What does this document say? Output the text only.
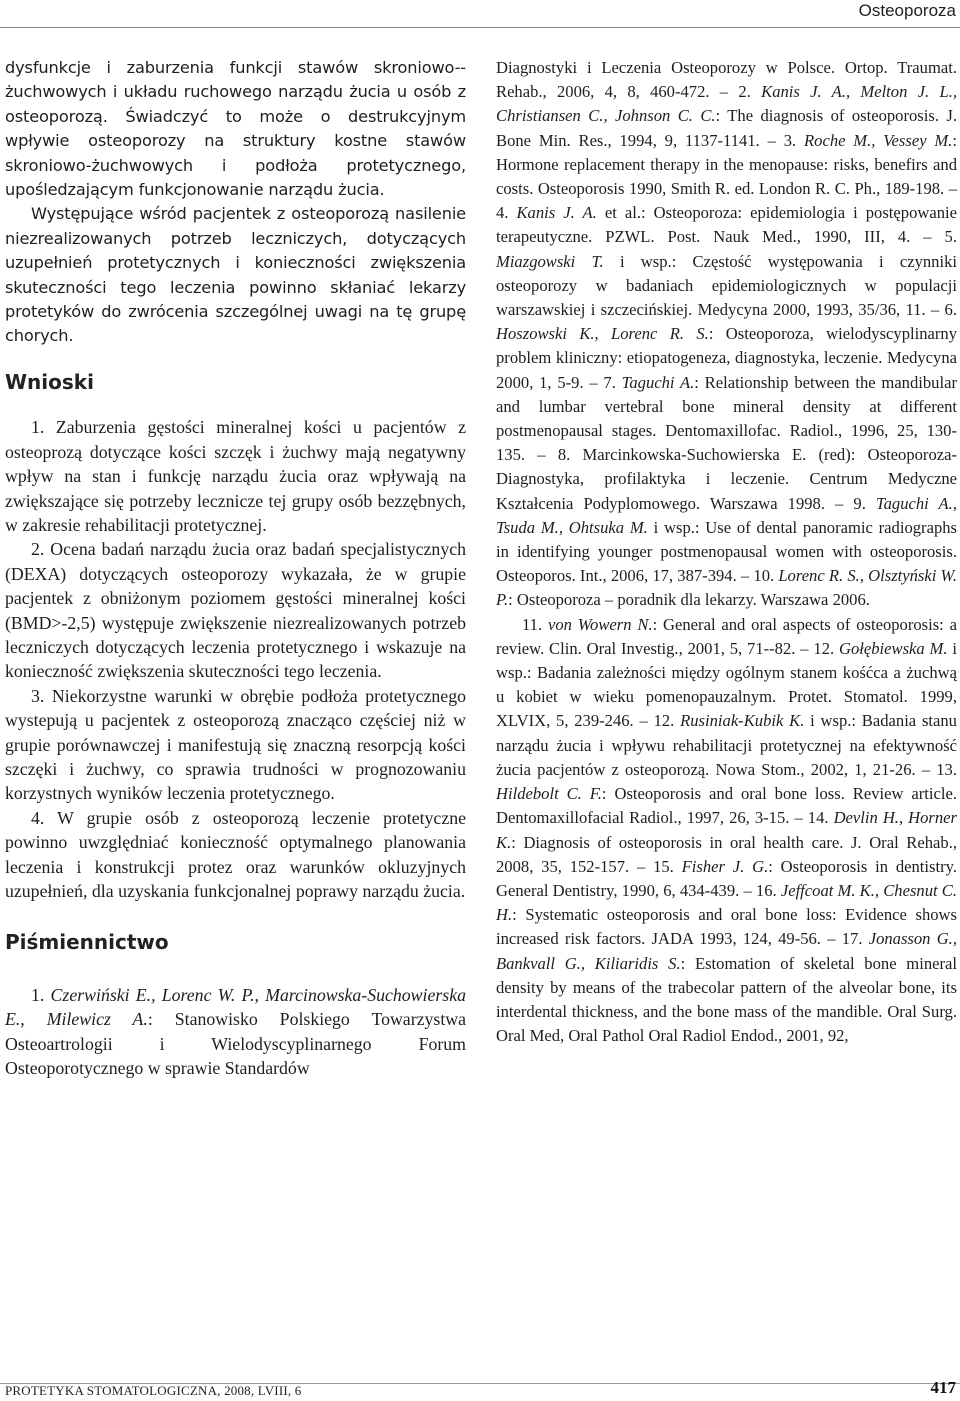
Osteoporoza

dysfunkcje i zaburzenia funkcji stawów skroniowo--żuchwowych i układu ruchowego narządu żucia u osób z osteoporozą. Świadczyć to może o destrukcyjnym wpływie osteoporozy na struktury kostne stawów skroniowo-żuchwowych i podłoża protetycznego, upośledzającym funkcjonowanie narządu żucia.

Występujące wśród pacjentek z osteoporozą nasilenie niezrealizowanych potrzeb leczniczych, dotyczących uzupełnień protetycznych i konieczności zwiększenia skuteczności tego leczenia powinno skłaniać lekarzy protetyków do zwrócenia szczególnej uwagi na tę grupę chorych.

Wnioski

1. Zaburzenia gęstości mineralnej kości u pacjentów z osteoprozą dotyczące kości szczęk i żuchwy mają negatywny wpływ na stan i funkcję narządu żucia oraz wpływają na zwiększające się potrzeby lecznicze tej grupy osób bezzębnych, w zakresie rehabilitacji protetycznej.

2. Ocena badań narządu żucia oraz badań specjalistycznych (DEXA) dotyczących osteoporozy wykazała, że w grupie pacjentek z obniżonym poziomem gęstości mineralnej kości (BMD>-2,5) występuje zwiększenie niezrealizowanych potrzeb leczniczych dotyczących leczenia protetycznego i wskazuje na konieczność zwiększenia skuteczności tego leczenia.

3. Niekorzystne warunki w obrębie podłoża protetycznego wystepują u pacjentek z osteoporozą znacząco częściej niż w grupie porównawczej i manifestują się znaczną resorpcją kości szczęki i żuchwy, co sprawia trudności w prognozowaniu korzystnych wyników leczenia protetycznego.

4. W grupie osób z osteoporozą leczenie protetyczne powinno uwzględniać konieczność optymalnego planowania leczenia i konstrukcji protez oraz warunków okluzyjnych uzupełnień, dla uzyskania funkcjonalnej poprawy narządu żucia.

Piśmiennictwo

1. Czerwiński E., Lorenc W. P., Marcinowska-Suchowierska E., Milewicz A.: Stanowisko Polskiego Towarzystwa Osteoartrologii i Wielodyscyplinarnego Forum Osteoporotycznego w sprawie Standardów

Diagnostyki i Leczenia Osteoporozy w Polsce. Ortop. Traumat. Rehab., 2006, 4, 8, 460-472. – 2. Kanis J. A., Melton J. L., Christiansen C., Johnson C. C.: The diagnosis of osteoporosis. J. Bone Min. Res., 1994, 9, 1137-1141. – 3. Roche M., Vessey M.: Hormone replacement therapy in the menopause: risks, benefirs and costs. Osteoporosis 1990, Smith R. ed. London R. C. Ph., 189-198. – 4. Kanis J. A. et al.: Osteoporoza: epidemiologia i postępowanie terapeutyczne. PZWL. Post. Nauk Med., 1990, III, 4. – 5. Miazgowski T. i wsp.: Częstość występowania i czynniki osteoporozy w badaniach epidemiologicznych w populacji warszawskiej i szczecińskiej. Medycyna 2000, 1993, 35/36, 11. – 6. Hoszowski K., Lorenc R. S.: Osteoporoza, wielodyscyplinarny problem kliniczny: etiopatogeneza, diagnostyka, leczenie. Medycyna 2000, 1, 5-9. – 7. Taguchi A.: Relationship between the mandibular and lumbar vertebral bone mineral density at different postmenopausal stages. Dentomaxillofac. Radiol., 1996, 25, 130-135. – 8. Marcinkowska-Suchowierska E. (red): Osteoporoza-Diagnostyka, profilaktyka i leczenie. Centrum Medyczne Kształcenia Podyplomowego. Warszawa 1998. – 9. Taguchi A., Tsuda M., Ohtsuka M. i wsp.: Use of dental panoramic radiographs in identifying younger postmenopausal women with osteoporosis. Osteoporos. Int., 2006, 17, 387-394. – 10. Lorenc R. S., Olsztyński W. P.: Osteoporoza – poradnik dla lekarzy. Warszawa 2006.

11. von Wowern N.: General and oral aspects of osteoporosis: a review. Clin. Oral Investig., 2001, 5, 71--82. – 12. Gołębiewska M. i wsp.: Badania zależności między ogólnym stanem kośćca a żuchwą u kobiet w wieku pomenopauzalnym. Protet. Stomatol. 1999, XLVIX, 5, 239-246. – 12. Rusiniak-Kubik K. i wsp.: Badania stanu narządu żucia i wpływu rehabilitacji protetycznej na efektywność żucia pacjentów z osteoporozą. Nowa Stom., 2002, 1, 21-26. – 13. Hildebolt C. F.: Osteoporosis and oral bone loss. Review article. Dentomaxillofacial Radiol., 1997, 26, 3-15. – 14. Devlin H., Horner K.: Diagnosis of osteoporosis in oral health care. J. Oral Rehab., 2008, 35, 152-157. – 15. Fisher J. G.: Osteoporosis in dentistry. General Dentistry, 1990, 6, 434-439. – 16. Jeffcoat M. K., Chesnut C. H.: Systematic osteoporosis and oral bone loss: Evidence shows increased risk factors. JADA 1993, 124, 49-56. – 17. Jonasson G., Bankvall G., Kiliaridis S.: Estomation of skeletal bone mineral density by means of the trabecolar pattern of the alveolar bone, its interdental thickness, and the bone mass of the mandible. Oral Surg. Oral Med, Oral Pathol Oral Radiol Endod., 2001, 92,

PROTETYKA STOMATOLOGICZNA, 2008, LVIII, 6	417
